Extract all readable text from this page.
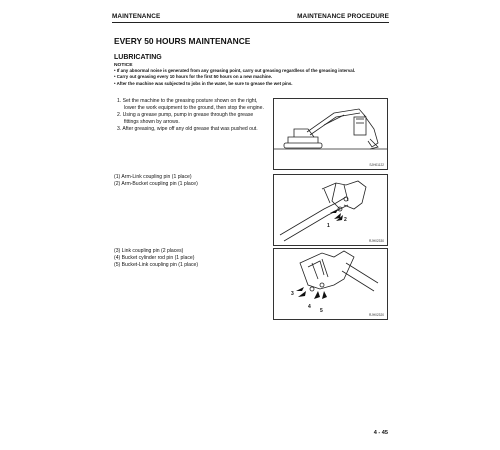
MAINTENANCE	MAINTENANCE PROCEDURE
EVERY 50 HOURS MAINTENANCE
LUBRICATING
NOTICE
• If any abnormal noise is generated from any greasing point, carry out greasing regardless of the greasing interval.
• Carry out greasing every 10 hours for the first 50 hours on a new machine.
• After the machine was subjected to jobs in the water, be sure to grease the wet pins.
1. Set the machine to the greasing posture shown on the right,
lower the work equipment to the ground, then stop the engine.
2. Using a grease pump, pump in grease through the grease
fittings shown by arrows.
3. After greasing, wipe off any old grease that was pushed out.
SJH01122
(1) Arm-Link coupling pin (1 place)
(2) Arm-Bucket coupling pin (1 place)
1
2
RJH02330
(3) Link coupling pin (2 places)
(4) Bucket cylinder rod pin (1 place)
(5) Bucket-Link coupling pin (1 place)
3
4
5
RJH02320
4 - 45
